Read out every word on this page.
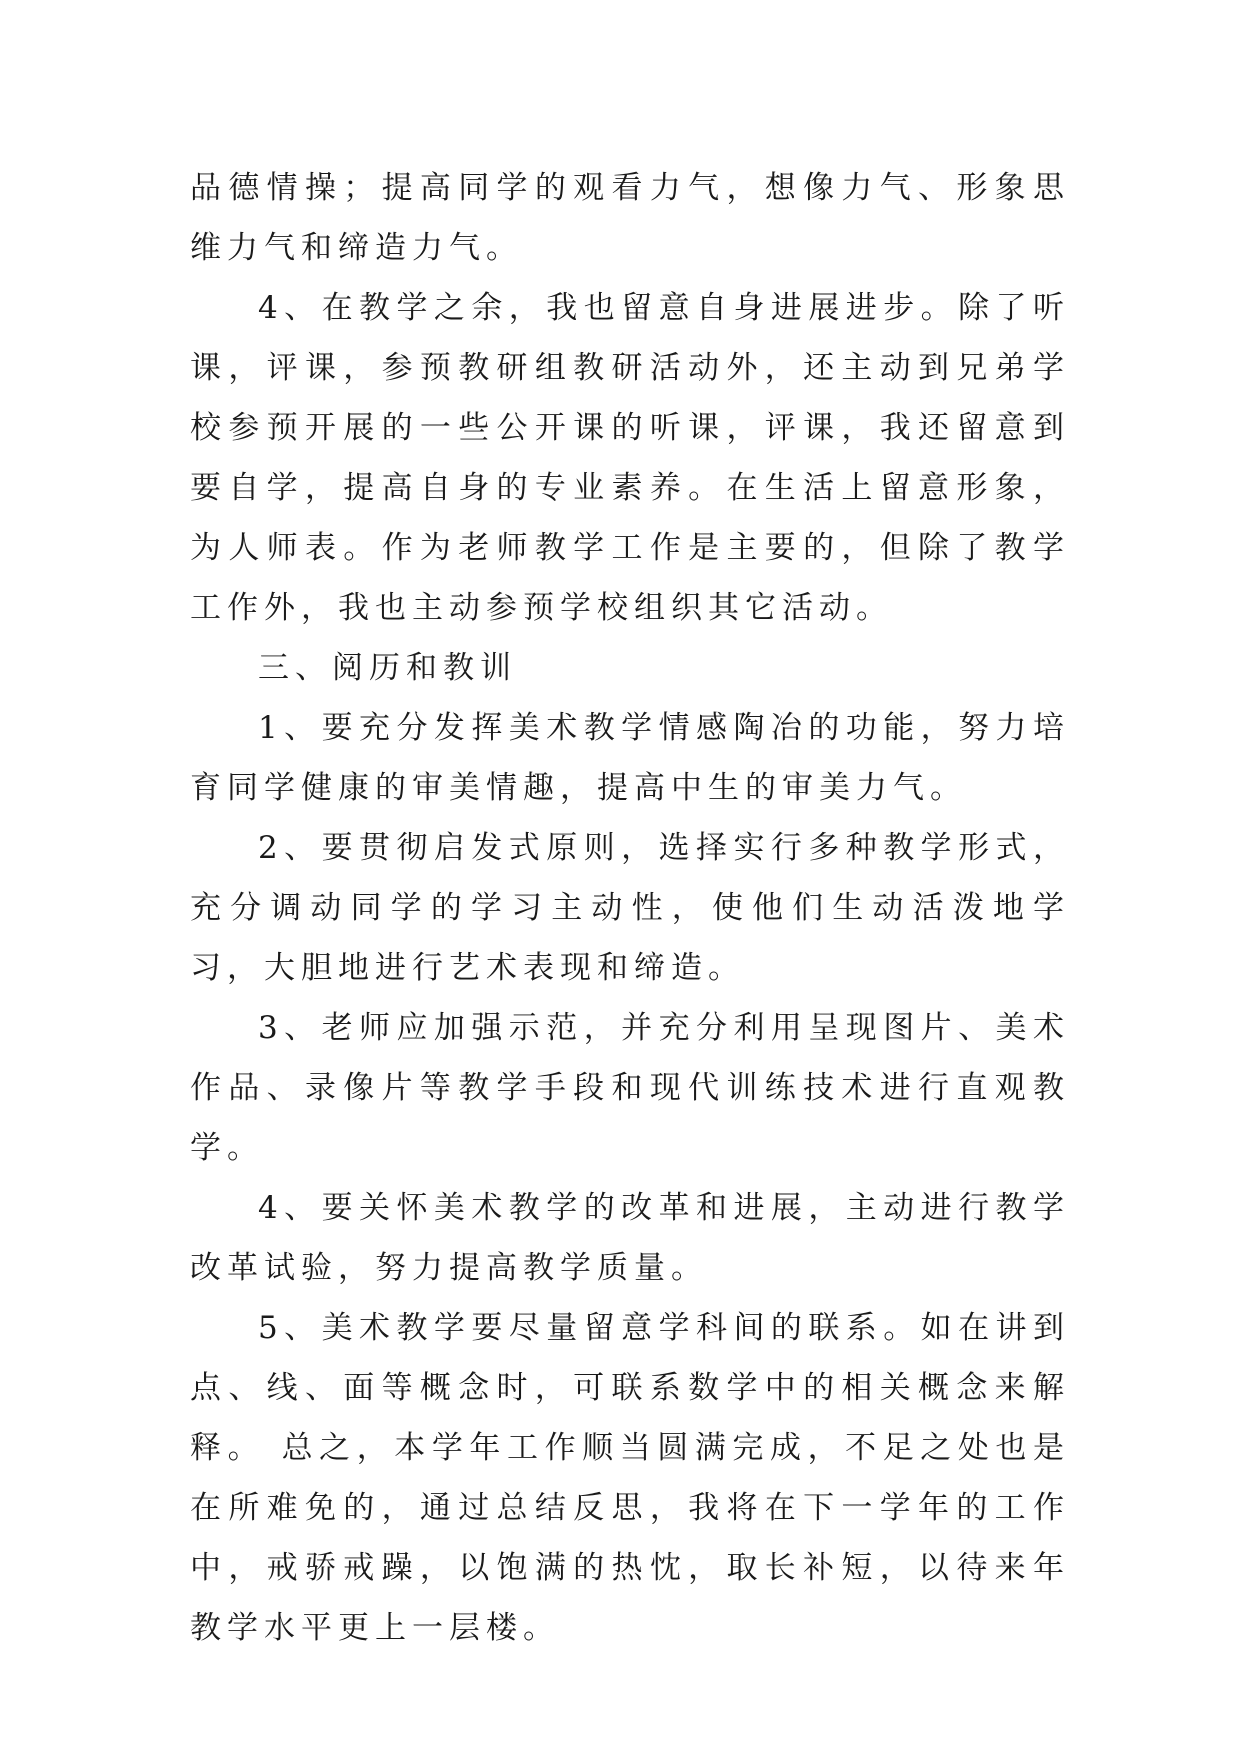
品德情操；提高同学的观看力气，想像力气、形象思维力气和缔造力气。

4、在教学之余，我也留意自身进展进步。除了听课，评课，参预教研组教研活动外，还主动到兄弟学校参预开展的一些公开课的听课，评课，我还留意到要自学，提高自身的专业素养。在生活上留意形象，为人师表。作为老师教学工作是主要的，但除了教学工作外，我也主动参预学校组织其它活动。

三、阅历和教训

1、要充分发挥美术教学情感陶冶的功能，努力培育同学健康的审美情趣，提高中生的审美力气。

2、要贯彻启发式原则，选择实行多种教学形式，充分调动同学的学习主动性，使他们生动活泼地学习，大胆地进行艺术表现和缔造。

3、老师应加强示范，并充分利用呈现图片、美术作品、录像片等教学手段和现代训练技术进行直观教学。

4、要关怀美术教学的改革和进展，主动进行教学改革试验，努力提高教学质量。

5、美术教学要尽量留意学科间的联系。如在讲到点、线、面等概念时，可联系数学中的相关概念来解释。 总之，本学年工作顺当圆满完成，不足之处也是在所难免的，通过总结反思，我将在下一学年的工作中，戒骄戒躁，以饱满的热忱，取长补短，以待来年教学水平更上一层楼。
